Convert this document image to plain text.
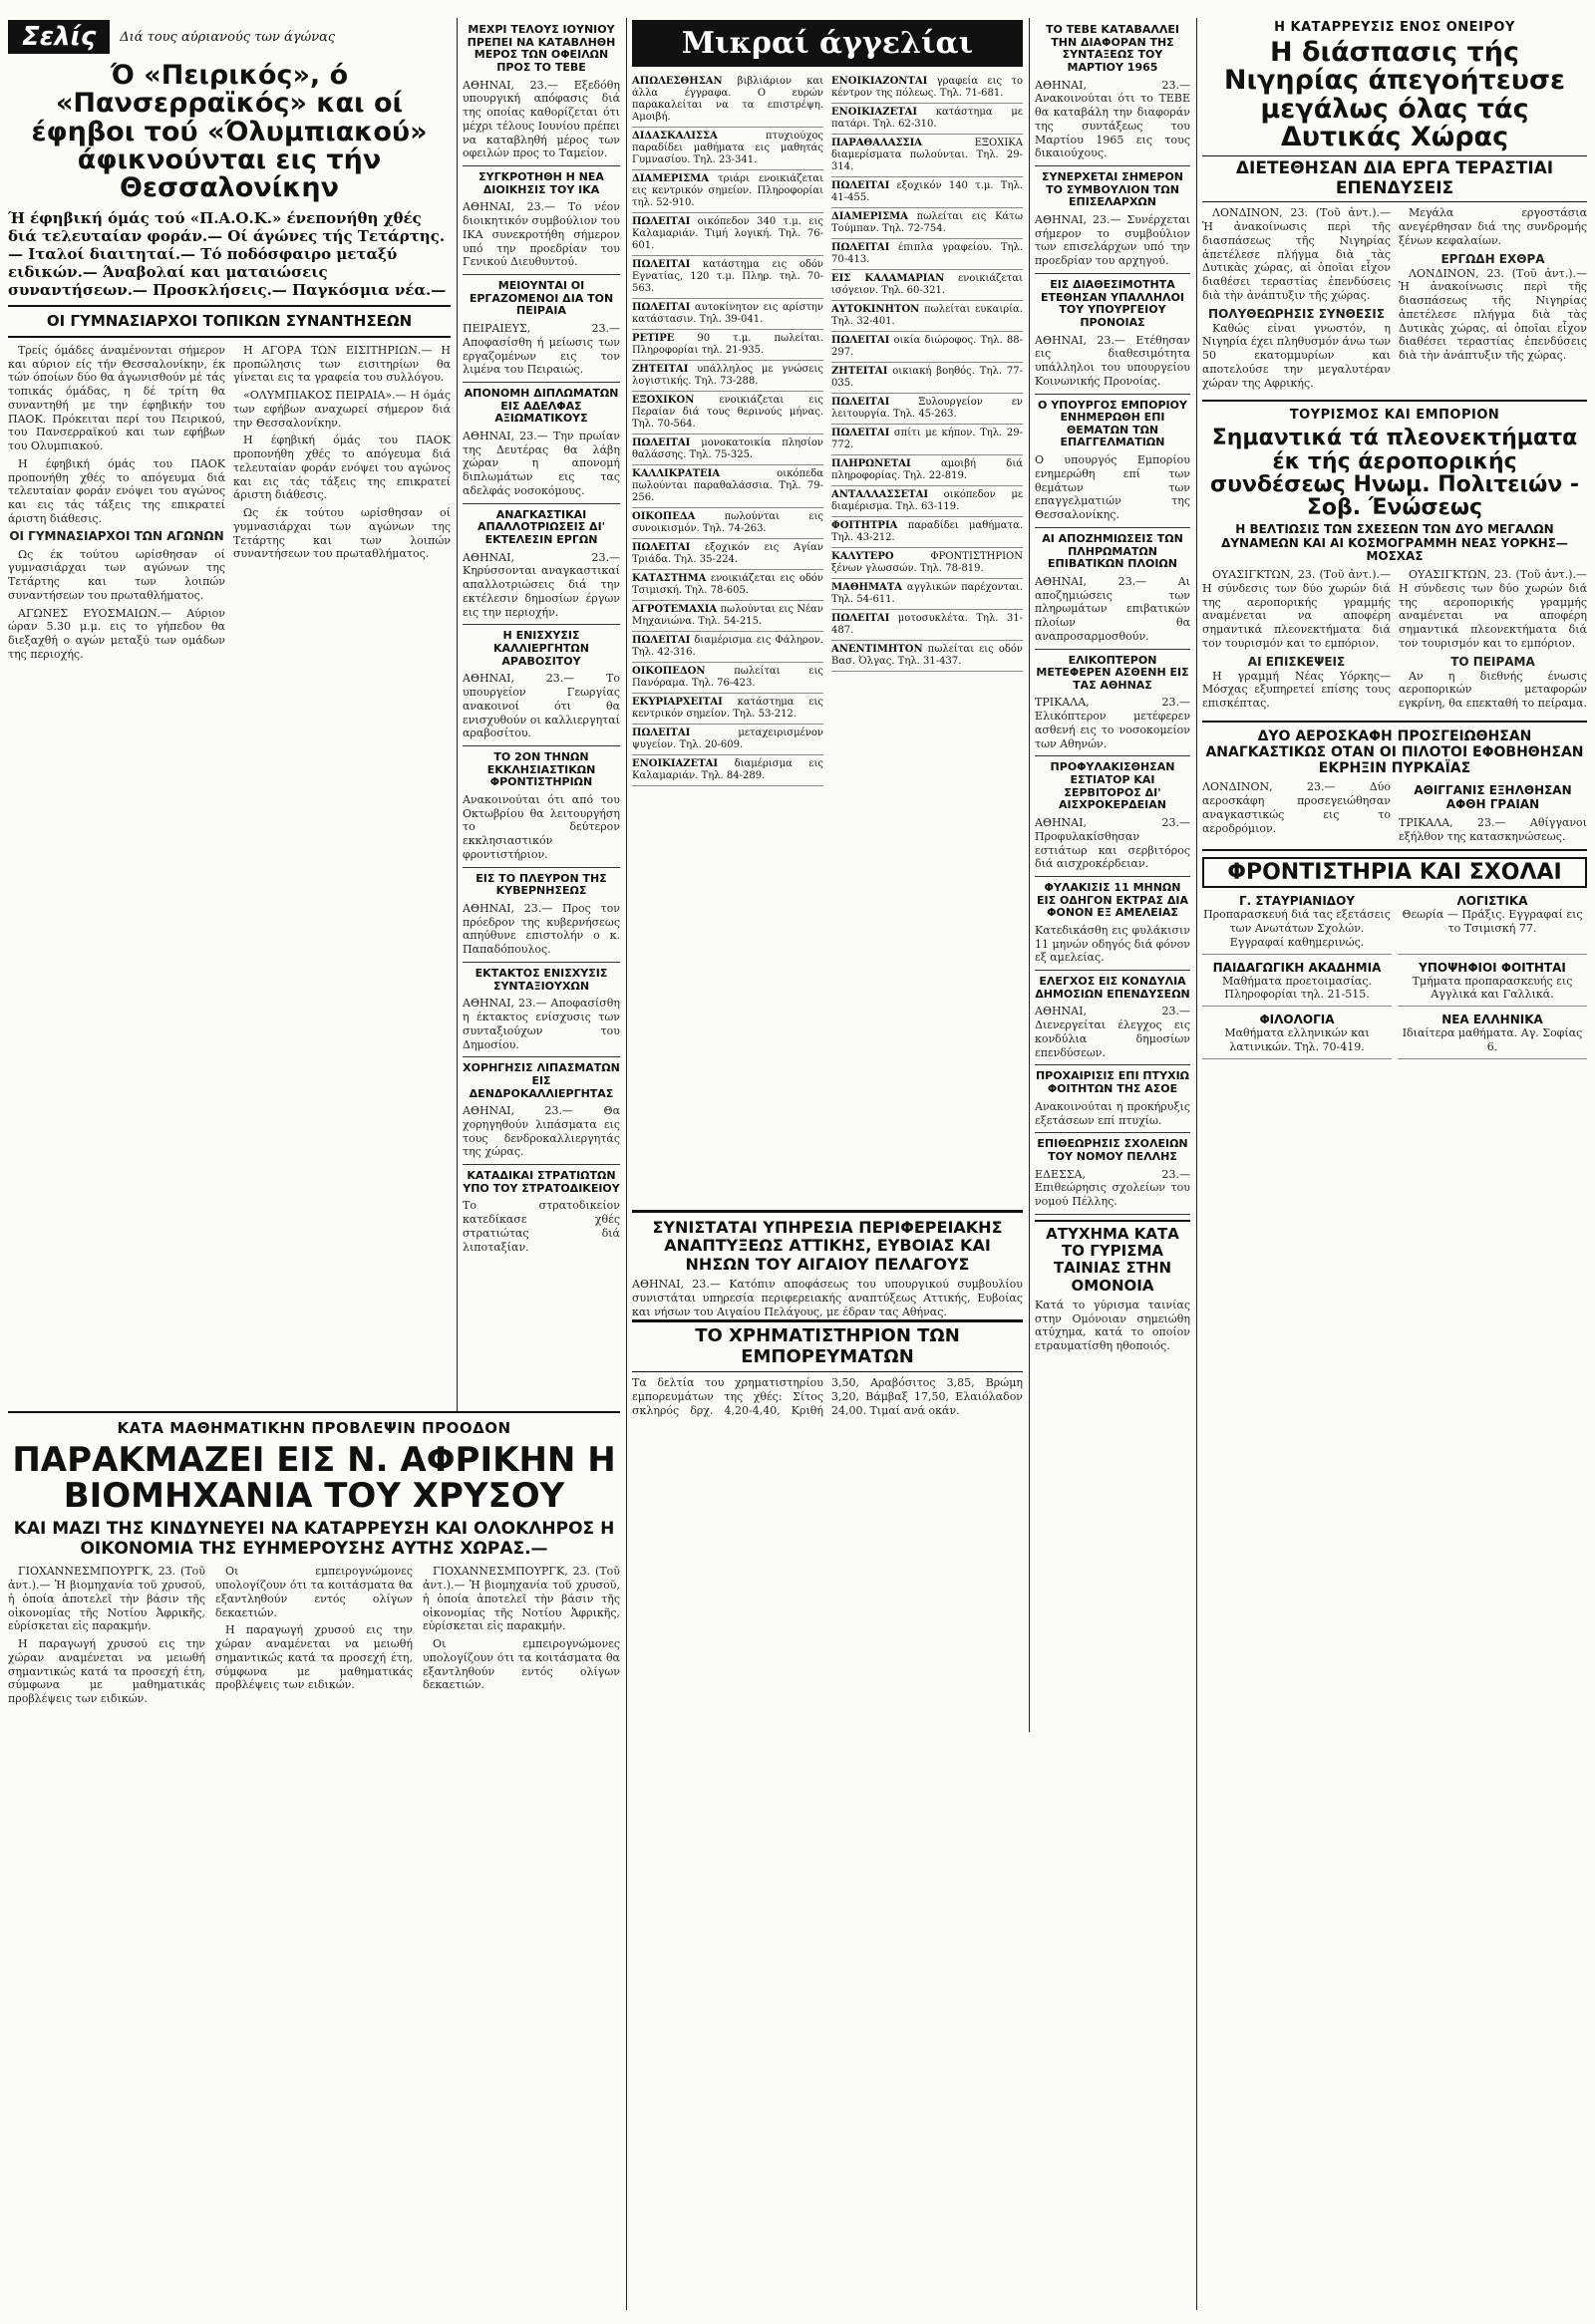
Σελίς	Διά τους αύριανούς των άγώνας
Ό «Πειρικός», ό «Πανσερραϊκός» και οί έφηβοι τού «Όλυμπιακού» άφικνούνται εις τήν Θεσσαλονίκην
Ή έφηβική όμάς τού «Π.Α.Ο.Κ.» ένεπονήθη χθές διά τελευταίαν φοράν.— Οί άγώνες τής Τετάρτης.— Ιταλοί διαιτηταί.— Τό ποδόσφαιρο μεταξύ ειδικών.— Άναβολαί και ματαιώσεις συναντήσεων.— Προσκλήσεις.— Παγκόσμια νέα.—
ΟΙ ΓΥΜΝΑΣΙΑΡΧΟΙ ΤΟΠΙΚΩΝ ΣΥΝΑΝΤΗΣΕΩΝ

Τρείς όμάδες άναμένονται σήμερον και αύριον είς τήν Θεσσαλονίκην, έκ τών όποίων δύο θα άγωνισθούν μέ τάς τοπικάς όμάδας, η δέ τρίτη θα συναντηθή με την έφηβικήν του ΠΑΟΚ. Πρόκειται περί του Πειρικού, του Πανσερραϊκού και των εφήβων του Ολυμπιακού.

Η έφηβική όμάς του ΠΑΟΚ προπονήθη χθές το απόγευμα διά τελευταίαν φοράν ενόψει του αγώνος και εις τάς τάξεις της επικρατεί άριστη διάθεσις.

ΟΙ ΓΥΜΝΑΣΙΑΡΧΟΙ ΤΩΝ ΑΓΩΝΩΝ

Ως έκ τούτου ωρίσθησαν οί γυμνασιάρχαι των αγώνων της Τετάρτης και των λοιπών συναντήσεων του πρωταθλήματος.

ΑΓΩΝΕΣ ΕΥΟΣΜΑΙΩΝ.— Αύριον ώραν 5.30 μ.μ. εις το γήπεδον θα διεξαχθή ο αγών μεταξύ των ομάδων της περιοχής.

Η ΑΓΟΡΑ ΤΩΝ ΕΙΣΙΤΗΡΙΩΝ.— Η προπώλησις των εισιτηρίων θα γίνεται εις τα γραφεία του συλλόγου.

«ΟΛΥΜΠΙΑΚΟΣ ΠΕΙΡΑΙΑ».— Η όμάς των εφήβων αναχωρεί σήμερον διά την Θεσσαλονίκην.

Η έφηβική όμάς του ΠΑΟΚ προπονήθη χθές το απόγευμα διά τελευταίαν φοράν ενόψει του αγώνος και εις τάς τάξεις της επικρατεί άριστη διάθεσις.

Ως έκ τούτου ωρίσθησαν οί γυμνασιάρχαι των αγώνων της Τετάρτης και των λοιπών συναντήσεων του πρωταθλήματος.

ΜΕΧΡΙ ΤΕΛΟΥΣ ΙΟΥΝΙΟΥ ΠΡΕΠΕΙ ΝΑ ΚΑΤΑΒΛΗΘΗ ΜΕΡΟΣ ΤΩΝ ΟΦΕΙΛΩΝ ΠΡΟΣ ΤΟ ΤΕΒΕ
ΑΘΗΝΑΙ, 23.— Εξεδόθη υπουργική απόφασις διά της οποίας καθορίζεται ότι μέχρι τέλους Ιουνίου πρέπει να καταβληθή μέρος των οφειλών προς το Ταμείον.
ΣΥΓΚΡΟΤΗΘΗ Η ΝΕΑ ΔΙΟΙΚΗΣΙΣ ΤΟΥ ΙΚΑ
ΑΘΗΝΑΙ, 23.— Το νέον διοικητικόν συμβούλιον του ΙΚΑ συνεκροτήθη σήμερον υπό την προεδρίαν του Γενικού Διευθυντού.
ΜΕΙΟΥΝΤΑΙ ΟΙ ΕΡΓΑΖΟΜΕΝΟΙ ΔΙΑ ΤΟΝ ΠΕΙΡΑΙΑ
ΠΕΙΡΑΙΕΥΣ, 23.— Αποφασίσθη ή μείωσις των εργαζομένων εις τον λιμένα του Πειραιώς.
ΑΠΟΝΟΜΗ ΔΙΠΛΩΜΑΤΩΝ ΕΙΣ ΑΔΕΛΦΑΣ ΑΞΙΩΜΑΤΙΚΟΥΣ
ΑΘΗΝΑΙ, 23.— Την πρωίαν της Δευτέρας θα λάβη χώραν η απονομή διπλωμάτων εις τας αδελφάς νοσοκόμους.
ΑΝΑΓΚΑΣΤΙΚΑΙ ΑΠΑΛΛΟΤΡΙΩΣΕΙΣ ΔΙ' ΕΚΤΕΛΕΣΙΝ ΕΡΓΩΝ
ΑΘΗΝΑΙ, 23.— Κηρύσσονται αναγκαστικαί απαλλοτριώσεις διά την εκτέλεσιν δημοσίων έργων εις την περιοχήν.
Η ΕΝΙΣΧΥΣΙΣ ΚΑΛΛΙΕΡΓΗΤΩΝ ΑΡΑΒΟΣΙΤΟΥ
ΑΘΗΝΑΙ, 23.— Το υπουργείον Γεωργίας ανακοινοί ότι θα ενισχυθούν οι καλλιεργηταί αραβοσίτου.
ΤΟ 2ΟΝ ΤΗΝΩΝ ΕΚΚΛΗΣΙΑΣΤΙΚΩΝ ΦΡΟΝΤΙΣΤΗΡΙΩΝ
Ανακοινούται ότι από του Οκτωβρίου θα λειτουργήση το δεύτερον εκκλησιαστικόν φροντιστήριον.
ΕΙΣ ΤΟ ΠΛΕΥΡΟΝ ΤΗΣ ΚΥΒΕΡΝΗΣΕΩΣ
ΑΘΗΝΑΙ, 23.— Προς τον πρόεδρον της κυβερνήσεως απηύθυνε επιστολήν ο κ. Παπαδόπουλος.
ΕΚΤΑΚΤΟΣ ΕΝΙΣΧΥΣΙΣ ΣΥΝΤΑΞΙΟΥΧΩΝ
ΑΘΗΝΑΙ, 23.— Αποφασίσθη η έκτακτος ενίσχυσις των συνταξιούχων του Δημοσίου.
ΧΟΡΗΓΗΣΙΣ ΛΙΠΑΣΜΑΤΩΝ ΕΙΣ ΔΕΝΔΡΟΚΑΛΛΙΕΡΓΗΤΑΣ
ΑΘΗΝΑΙ, 23.— Θα χορηγηθούν λιπάσματα εις τους δενδροκαλλιεργητάς της χώρας.
ΚΑΤΑΔΙΚΑΙ ΣΤΡΑΤΙΩΤΩΝ ΥΠΟ ΤΟΥ ΣΤΡΑΤΟΔΙΚΕΙΟΥ
Το στρατοδικείον κατεδίκασε χθές στρατιώτας διά λιποταξίαν.
Μικραί άγγελίαι
ΑΠΩΛΕΣΘΗΣΑΝ βιβλιάριον και άλλα έγγραφα. Ο ευρών παρακαλείται να τα επιστρέψη. Αμοιβή.
ΔΙΔΑΣΚΑΛΙΣΣΑ πτυχιούχος παραδίδει μαθήματα εις μαθητάς Γυμνασίου. Τηλ. 23-341.
ΔΙΑΜΕΡΙΣΜΑ τριάρι ενοικιάζεται εις κεντρικόν σημείον. Πληροφορίαι τηλ. 52-910.
ΠΩΛΕΙΤΑΙ οικόπεδον 340 τ.μ. εις Καλαμαριάν. Τιμή λογική. Τηλ. 76-601.
ΠΩΛΕΙΤΑΙ κατάστημα εις οδόν Εγνατίας, 120 τ.μ. Πληρ. τηλ. 70-563.
ΠΩΛΕΙΤΑΙ αυτοκίνητον εις αρίστην κατάστασιν. Τηλ. 39-041.
ΡΕΤΙΡΕ 90 τ.μ. πωλείται. Πληροφορίαι τηλ. 21-935.
ΖΗΤΕΙΤΑΙ υπάλληλος με γνώσεις λογιστικής. Τηλ. 73-288.
ΕΞΟΧΙΚΟΝ ενοικιάζεται εις Περαίαν διά τους θερινούς μήνας. Τηλ. 70-564.
ΠΩΛΕΙΤΑΙ μονοκατοικία πλησίον θαλάσσης. Τηλ. 75-325.
ΚΑΛΛΙΚΡΑΤΕΙΑ οικόπεδα πωλούνται παραθαλάσσια. Τηλ. 79-256.
ΟΙΚΟΠΕΔΑ πωλούνται εις συνοικισμόν. Τηλ. 74-263.
ΠΩΛΕΙΤΑΙ εξοχικόν εις Αγίαν Τριάδα. Τηλ. 35-224.
ΚΑΤΑΣΤΗΜΑ ενοικιάζεται εις οδόν Τσιμισκή. Τηλ. 78-605.
ΑΓΡΟΤΕΜΑΧΙΑ πωλούνται εις Νέαν Μηχανιώνα. Τηλ. 54-215.
ΠΩΛΕΙΤΑΙ διαμέρισμα εις Φάληρον. Τηλ. 42-316.
ΟΙΚΟΠΕΔΟΝ πωλείται εις Πανόραμα. Τηλ. 76-423.
ΕΚΥΡΙΑΡΧΕΙΤΑΙ κατάστημα εις κεντρικόν σημείον. Τηλ. 53-212.
ΠΩΛΕΙΤΑΙ μεταχειρισμένον ψυγείον. Τηλ. 20-609.
ΕΝΟΙΚΙΑΖΕΤΑΙ διαμέρισμα εις Καλαμαριάν. Τηλ. 84-289.
ΕΝΟΙΚΙΑΖΟΝΤΑΙ γραφεία εις το κέντρον της πόλεως. Τηλ. 71-681.
ΕΝΟΙΚΙΑΖΕΤΑΙ κατάστημα με πατάρι. Τηλ. 62-310.
ΠΑΡΑΘΑΛΑΣΣΙΑ ΕΞΟΧΙΚΑ διαμερίσματα πωλούνται. Τηλ. 29-314.
ΠΩΛΕΙΤΑΙ εξοχικόν 140 τ.μ. Τηλ. 41-455.
ΔΙΑΜΕΡΙΣΜΑ πωλείται εις Κάτω Τούμπαν. Τηλ. 72-754.
ΠΩΛΕΙΤΑΙ έπιπλα γραφείου. Τηλ. 70-413.
ΕΙΣ ΚΑΛΑΜΑΡΙΑΝ ενοικιάζεται ισόγειον. Τηλ. 60-321.
ΑΥΤΟΚΙΝΗΤΟΝ πωλείται ευκαιρία. Τηλ. 32-401.
ΠΩΛΕΙΤΑΙ οικία διώροφος. Τηλ. 88-297.
ΖΗΤΕΙΤΑΙ οικιακή βοηθός. Τηλ. 77-035.
ΠΩΛΕΙΤΑΙ Ξυλουργείον εν λειτουργία. Τηλ. 45-263.
ΠΩΛΕΙΤΑΙ σπίτι με κήπον. Τηλ. 29-772.
ΠΛΗΡΩΝΕΤΑΙ αμοιβή διά πληροφορίας. Τηλ. 22-819.
ΑΝΤΑΛΛΑΣΣΕΤΑΙ οικόπεδον με διαμέρισμα. Τηλ. 63-119.
ΦΟΙΤΗΤΡΙΑ παραδίδει μαθήματα. Τηλ. 43-212.
ΚΑΛΥΤΕΡΟ ΦΡΟΝΤΙΣΤΗΡΙΟΝ ξένων γλωσσών. Τηλ. 78-819.
ΜΑΘΗΜΑΤΑ αγγλικών παρέχονται. Τηλ. 54-611.
ΠΩΛΕΙΤΑΙ μοτοσυκλέτα. Τηλ. 31-487.
ΑΝΕΝΤΙΜΗΤΟΝ πωλείται εις οδόν Βασ. Όλγας. Τηλ. 31-437.
ΣΥΝΙΣΤΑΤΑΙ ΥΠΗΡΕΣΙΑ ΠΕΡΙΦΕΡΕΙΑΚΗΣ ΑΝΑΠΤΥΞΕΩΣ ΑΤΤΙΚΗΣ, ΕΥΒΟΙΑΣ ΚΑΙ ΝΗΣΩΝ ΤΟΥ ΑΙΓΑΙΟΥ ΠΕΛΑΓΟΥΣ
ΑΘΗΝΑΙ, 23.— Κατόπιν αποφάσεως του υπουργικού συμβουλίου συνιστάται υπηρεσία περιφερειακής αναπτύξεως Αττικής, Ευβοίας και νήσων του Αιγαίου Πελάγους, με έδραν τας Αθήνας.
ΤΟ ΧΡΗΜΑΤΙΣΤΗΡΙΟΝ ΤΩΝ ΕΜΠΟΡΕΥΜΑΤΩΝ
Τα δελτία του χρηματιστηρίου εμπορευμάτων της χθές: Σίτος σκληρός δρχ. 4,20-4,40, Κριθή 3,50, Αραβόσιτος 3,85, Βρώμη 3,20, Βάμβαξ 17,50, Ελαιόλαδον 24,00. Τιμαί ανά οκάν.
ΤΟ ΤΕΒΕ ΚΑΤΑΒΑΛΛΕΙ ΤΗΝ ΔΙΑΦΟΡΑΝ ΤΗΣ ΣΥΝΤΑΞΕΩΣ ΤΟΥ ΜΑΡΤΙΟΥ 1965
ΑΘΗΝΑΙ, 23.— Ανακοινούται ότι το ΤΕΒΕ θα καταβάλη την διαφοράν της συντάξεως του Μαρτίου 1965 εις τους δικαιούχους.
ΣΥΝΕΡΧΕΤΑΙ ΣΗΜΕΡΟΝ ΤΟ ΣΥΜΒΟΥΛΙΟΝ ΤΩΝ ΕΠΙΣΕΛΑΡΧΩΝ
ΑΘΗΝΑΙ, 23.— Συνέρχεται σήμερον το συμβούλιον των επισελάρχων υπό την προεδρίαν του αρχηγού.
ΕΙΣ ΔΙΑΘΕΣΙΜΟΤΗΤΑ ΕΤΕΘΗΣΑΝ ΥΠΑΛΛΗΛΟΙ ΤΟΥ ΥΠΟΥΡΓΕΙΟΥ ΠΡΟΝΟΙΑΣ
ΑΘΗΝΑΙ, 23.— Ετέθησαν εις διαθεσιμότητα υπάλληλοι του υπουργείου Κοινωνικής Προνοίας.
Ο ΥΠΟΥΡΓΟΣ ΕΜΠΟΡΙΟΥ ΕΝΗΜΕΡΩΘΗ ΕΠΙ ΘΕΜΑΤΩΝ ΤΩΝ ΕΠΑΓΓΕΛΜΑΤΙΩΝ
Ο υπουργός Εμπορίου ενημερώθη επί των θεμάτων των επαγγελματιών της Θεσσαλονίκης.
ΑΙ ΑΠΟΖΗΜΙΩΣΕΙΣ ΤΩΝ ΠΛΗΡΩΜΑΤΩΝ ΕΠΙΒΑΤΙΚΩΝ ΠΛΟΙΩΝ
ΑΘΗΝΑΙ, 23.— Αι αποζημιώσεις των πληρωμάτων επιβατικών πλοίων θα αναπροσαρμοσθούν.
ΕΛΙΚΟΠΤΕΡΟΝ ΜΕΤΕΦΕΡΕΝ ΑΣΘΕΝΗ ΕΙΣ ΤΑΣ ΑΘΗΝΑΣ
ΤΡΙΚΑΛΑ, 23.— Ελικόπτερον μετέφερεν ασθενή εις το νοσοκομείον των Αθηνών.
ΠΡΟΦΥΛΑΚΙΣΘΗΣΑΝ ΕΣΤΙΑΤΟΡ ΚΑΙ ΣΕΡΒΙΤΟΡΟΣ ΔΙ' ΑΙΣΧΡΟΚΕΡΔΕΙΑΝ
ΑΘΗΝΑΙ, 23.— Προφυλακίσθησαν εστιάτωρ και σερβιτόρος διά αισχροκέρδειαν.
ΦΥΛΑΚΙΣΙΣ 11 ΜΗΝΩΝ ΕΙΣ ΟΔΗΓΟΝ ΕΚΤΡΑΣ ΔΙΑ ΦΟΝΟΝ ΕΞ ΑΜΕΛΕΙΑΣ
Κατεδικάσθη εις φυλάκισιν 11 μηνών οδηγός διά φόνον εξ αμελείας.
ΕΛΕΓΧΟΣ ΕΙΣ ΚΟΝΔΥΛΙΑ ΔΗΜΟΣΙΩΝ ΕΠΕΝΔΥΣΕΩΝ
ΑΘΗΝΑΙ, 23.— Διενεργείται έλεγχος εις κονδύλια δημοσίων επενδύσεων.
ΠΡΟΧΑΙΡΙΣΙΣ ΕΠΙ ΠΤΥΧΙΩ ΦΟΙΤΗΤΩΝ ΤΗΣ ΑΣΟΕ
Ανακοινούται η προκήρυξις εξετάσεων επί πτυχίω.
ΕΠΙΘΕΩΡΗΣΙΣ ΣΧΟΛΕΙΩΝ ΤΟΥ ΝΟΜΟΥ ΠΕΛΛΗΣ
ΕΔΕΣΣΑ, 23.— Επιθεώρησις σχολείων του νομού Πέλλης.
ΑΤΥΧΗΜΑ ΚΑΤΑ ΤΟ ΓΥΡΙΣΜΑ ΤΑΙΝΙΑΣ ΣΤΗΝ ΟΜΟΝΟΙΑ
Κατά το γύρισμα ταινίας στην Ομόνοιαν σημειώθη ατύχημα, κατά το οποίον ετραυματίσθη ηθοποιός.
Η ΚΑΤΑΡΡΕΥΣΙΣ ΕΝΟΣ ΟΝΕΙΡΟΥ
Η διάσπασις τής Νιγηρίας άπεγοήτευσε μεγάλως όλας τάς Δυτικάς Χώρας
ΔΙΕΤΕΘΗΣΑΝ ΔΙΑ ΕΡΓΑ ΤΕΡΑΣΤΙΑΙ ΕΠΕΝΔΥΣΕΙΣ

ΛΟΝΔΙΝΟΝ, 23. (Τοῦ ἀντ.).— Ἡ ἀνακοίνωσις περὶ τῆς διασπάσεως τῆς Νιγηρίας ἀπετέλεσε πλήγμα διὰ τὰς Δυτικὰς χώρας, αἱ ὁποῖαι εἶχον διαθέσει τεραστίας ἐπενδύσεις διὰ τὴν ἀνάπτυξιν τῆς χώρας.

ΠΟΛΥΘΕΩΡΗΣΙΣ ΣΥΝΘΕΣΙΣ

Καθώς είναι γνωστόν, η Νιγηρία έχει πληθυσμόν άνω των 50 εκατομμυρίων και αποτελούσε την μεγαλυτέραν χώραν της Αφρικής.

Μεγάλα εργοστάσια ανεγέρθησαν διά της συνδρομής ξένων κεφαλαίων.

ΕΡΓΩΔΗ ΕΧΘΡΑ

ΛΟΝΔΙΝΟΝ, 23. (Τοῦ ἀντ.).— Ἡ ἀνακοίνωσις περὶ τῆς διασπάσεως τῆς Νιγηρίας ἀπετέλεσε πλήγμα διὰ τὰς Δυτικὰς χώρας, αἱ ὁποῖαι εἶχον διαθέσει τεραστίας ἐπενδύσεις διὰ τὴν ἀνάπτυξιν τῆς χώρας.

ΤΟΥΡΙΣΜΟΣ ΚΑΙ ΕΜΠΟΡΙΟΝ
Σημαντικά τά πλεονεκτήματα έκ τής άεροπορικής συνδέσεως Ηνωμ. Πολιτειών - Σοβ. Ένώσεως
Η ΒΕΛΤΙΩΣΙΣ ΤΩΝ ΣΧΕΣΕΩΝ ΤΩΝ ΔΥΟ ΜΕΓΑΛΩΝ ΔΥΝΑΜΕΩΝ ΚΑΙ ΑΙ ΚΟΣΜΟΓΡΑΜΜΗ ΝΕΑΣ ΥΟΡΚΗΣ—ΜΟΣΧΑΣ

ΟΥΑΣΙΓΚΤΩΝ, 23. (Τοῦ ἀντ.).— Η σύνδεσις των δύο χωρών διά της αεροπορικής γραμμής αναμένεται να αποφέρη σημαντικά πλεονεκτήματα διά τον τουρισμόν και το εμπόριον.

ΑΙ ΕΠΙΣΚΕΨΕΙΣ

Η γραμμή Νέας Υόρκης—Μόσχας εξυπηρετεί επίσης τους επισκέπτας.

ΟΥΑΣΙΓΚΤΩΝ, 23. (Τοῦ ἀντ.).— Η σύνδεσις των δύο χωρών διά της αεροπορικής γραμμής αναμένεται να αποφέρη σημαντικά πλεονεκτήματα διά τον τουρισμόν και το εμπόριον.

ΤΟ ΠΕΙΡΑΜΑ

Αν η διεθνής ένωσις αεροπορικών μεταφορών εγκρίνη, θα επεκταθή το πείραμα.

ΔΥΟ ΑΕΡΟΣΚΑΦΗ ΠΡΟΣΓΕΙΩΘΗΣΑΝ ΑΝΑΓΚΑΣΤΙΚΩΣ ΟΤΑΝ ΟΙ ΠΙΛΟΤΟΙ ΕΦΟΒΗΘΗΣΑΝ ΕΚΡΗΞΙΝ ΠΥΡΚΑΪΑΣ
ΛΟΝΔΙΝΟΝ, 23.— Δύο αεροσκάφη προσεγειώθησαν αναγκαστικώς εις το αεροδρόμιον.
ΑΘΙΓΓΑΝΙΣ ΕΞΗΛΘΗΣΑΝ ΑΦΘΗ ΓΡΑΙΑΝ
ΤΡΙΚΑΛΑ, 23.— Αθίγγανοι εξήλθον της κατασκηνώσεως.
ΦΡΟΝΤΙΣΤΗΡΙΑ ΚΑΙ ΣΧΟΛΑΙ
Γ. ΣΤΑΥΡΙΑΝΙΔΟΥ
Προπαρασκευή διά τας εξετάσεις των Ανωτάτων Σχολών. Εγγραφαί καθημερινώς.
ΛΟΓΙΣΤΙΚΑ
Θεωρία — Πράξις. Εγγραφαί εις το Τσιμισκή 77.
ΠΑΙΔΑΓΩΓΙΚΗ ΑΚΑΔΗΜΙΑ
Μαθήματα προετοιμασίας. Πληροφορίαι τηλ. 21-515.
ΥΠΟΨΗΦΙΟΙ ΦΟΙΤΗΤΑΙ
Τμήματα προπαρασκευής εις Αγγλικά και Γαλλικά.
ΦΙΛΟΛΟΓΙΑ
Μαθήματα ελληνικών και λατινικών. Τηλ. 70-419.
ΝΕΑ ΕΛΛΗΝΙΚΑ
Ιδιαίτερα μαθήματα. Αγ. Σοφίας 6.
ΚΑΤΑ ΜΑΘΗΜΑΤΙΚΗΝ ΠΡΟΒΛΕΨΙΝ ΠΡΟΟΔΟΝ
ΠΑΡΑΚΜΑΖΕΙ ΕΙΣ Ν. ΑΦΡΙΚΗΝ Η ΒΙΟΜΗΧΑΝΙΑ ΤΟΥ ΧΡΥΣΟΥ
ΚΑΙ ΜΑΖΙ ΤΗΣ ΚΙΝΔΥΝΕΥΕΙ ΝΑ ΚΑΤΑΡΡΕΥΣΗ ΚΑΙ ΟΛΟΚΛΗΡΟΣ Η ΟΙΚΟΝΟΜΙΑ ΤΗΣ ΕΥΗΜΕΡΟΥΣΗΣ ΑΥΤΗΣ ΧΩΡΑΣ.—

ΓΙΟΧΑΝΝΕΣΜΠΟΥΡΓΚ, 23. (Τοῦ ἀντ.).— Ἡ βιομηχανία τοῦ χρυσοῦ, ἡ ὁποία ἀποτελεῖ τὴν βάσιν τῆς οἰκονομίας τῆς Νοτίου Ἀφρικῆς, εὑρίσκεται εἰς παρακμήν.

Η παραγωγή χρυσού εις την χώραν αναμένεται να μειωθή σημαντικώς κατά τα προσεχή έτη, σύμφωνα με μαθηματικάς προβλέψεις των ειδικών.

Οι εμπειρογνώμονες υπολογίζουν ότι τα κοιτάσματα θα εξαντληθούν εντός ολίγων δεκαετιών.

Η παραγωγή χρυσού εις την χώραν αναμένεται να μειωθή σημαντικώς κατά τα προσεχή έτη, σύμφωνα με μαθηματικάς προβλέψεις των ειδικών.

ΓΙΟΧΑΝΝΕΣΜΠΟΥΡΓΚ, 23. (Τοῦ ἀντ.).— Ἡ βιομηχανία τοῦ χρυσοῦ, ἡ ὁποία ἀποτελεῖ τὴν βάσιν τῆς οἰκονομίας τῆς Νοτίου Ἀφρικῆς, εὑρίσκεται εἰς παρακμήν.

Οι εμπειρογνώμονες υπολογίζουν ότι τα κοιτάσματα θα εξαντληθούν εντός ολίγων δεκαετιών.
